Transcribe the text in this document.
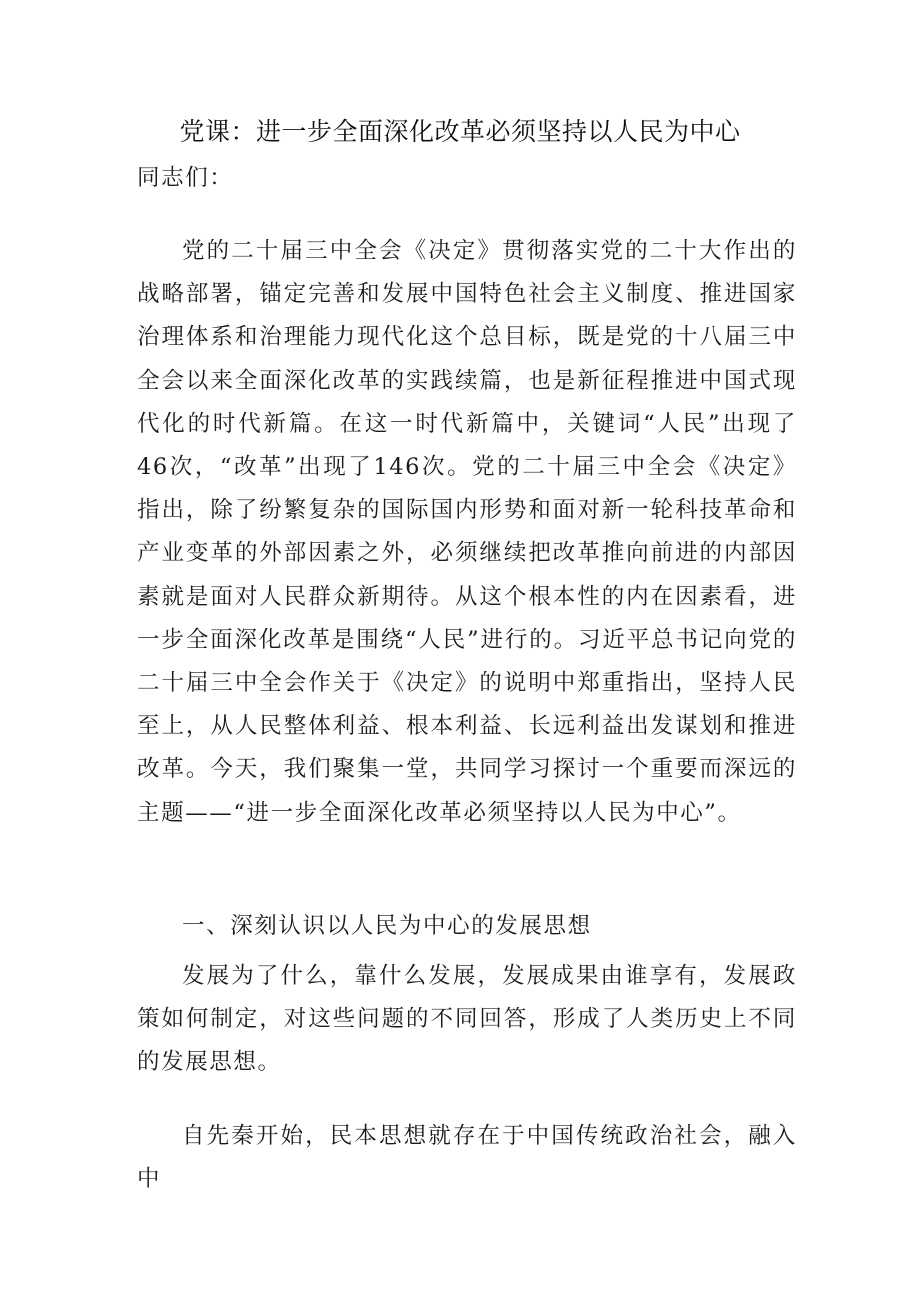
党课：进一步全面深化改革必须坚持以人民为中心

同志们：

党的二十届三中全会《决定》贯彻落实党的二十大作出的战略部署，锚定完善和发展中国特色社会主义制度、推进国家治理体系和治理能力现代化这个总目标，既是党的十八届三中全会以来全面深化改革的实践续篇，也是新征程推进中国式现代化的时代新篇。在这一时代新篇中，关键词“人民”出现了46次，“改革”出现了146次。党的二十届三中全会《决定》指出，除了纷繁复杂的国际国内形势和面对新一轮科技革命和产业变革的外部因素之外，必须继续把改革推向前进的内部因素就是面对人民群众新期待。从这个根本性的内在因素看，进一步全面深化改革是围绕“人民”进行的。习近平总书记向党的二十届三中全会作关于《决定》的说明中郑重指出，坚持人民至上，从人民整体利益、根本利益、长远利益出发谋划和推进改革。今天，我们聚集一堂，共同学习探讨一个重要而深远的主题——“进一步全面深化改革必须坚持以人民为中心”。

一、深刻认识以人民为中心的发展思想

发展为了什么，靠什么发展，发展成果由谁享有，发展政策如何制定，对这些问题的不同回答，形成了人类历史上不同的发展思想。

自先秦开始，民本思想就存在于中国传统政治社会，融入中
